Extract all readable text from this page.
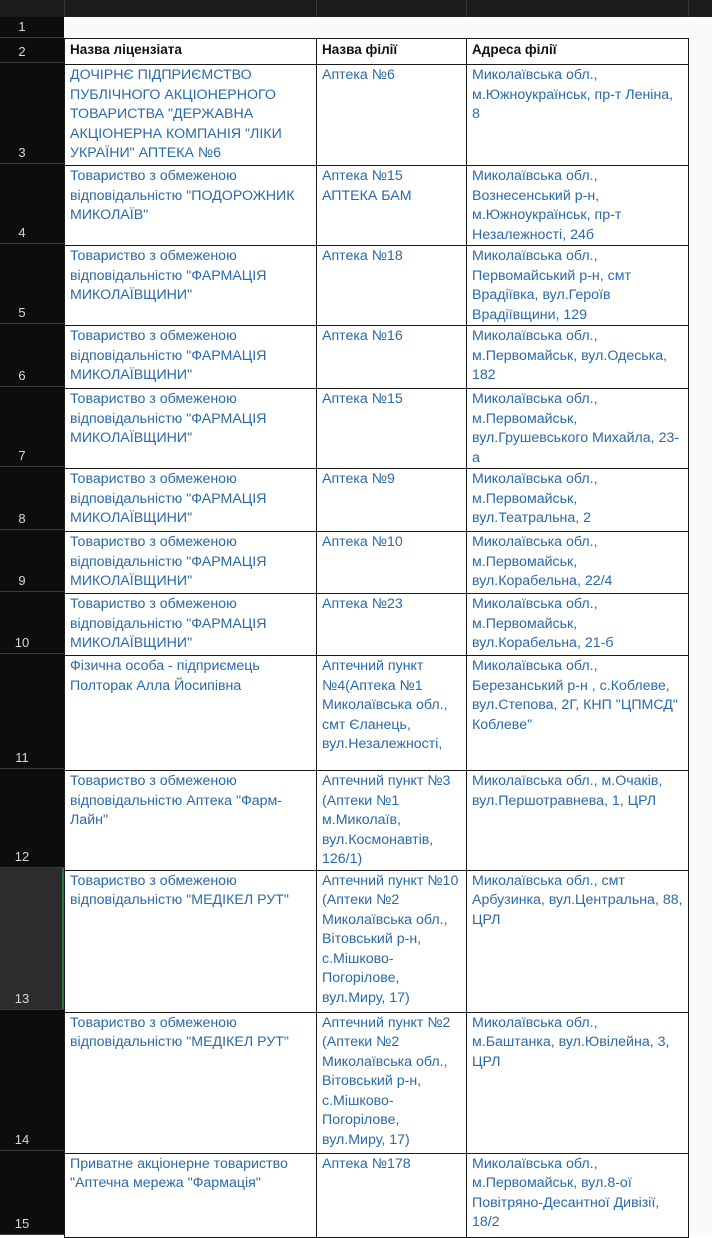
1
2
3
4
5
6
7
8
9
10
11
12
13
14
15
Назва ліцензіата	Назва філії	Адреса філії
ДОЧІРНЄ ПІДПРИЄМСТВО ПУБЛІЧНОГО АКЦІОНЕРНОГО ТОВАРИСТВА "ДЕРЖАВНА АКЦІОНЕРНА КОМПАНІЯ "ЛІКИ УКРАЇНИ" АПТЕКА №6	Аптека №6	Миколаївська обл., м.Южноукраїнськ, пр-т Леніна, 8
Товариство з обмеженою відповідальністю "ПОДОРОЖНИК МИКОЛАЇВ"	Аптека №15 АПТЕКА БАМ	Миколаївська обл., Вознесенський р-н, м.Южноукраїнськ, пр-т Незалежності, 24б
Товариство з обмеженою відповідальністю "ФАРМАЦІЯ МИКОЛАЇВЩИНИ"	Аптека №18	Миколаївська обл., Первомайський р-н, смт Врадіївка, вул.Героїв Врадіївщини, 129
Товариство з обмеженою відповідальністю "ФАРМАЦІЯ МИКОЛАЇВЩИНИ"	Аптека №16	Миколаївська обл., м.Первомайськ, вул.Одеська, 182
Товариство з обмеженою відповідальністю "ФАРМАЦІЯ МИКОЛАЇВЩИНИ"	Аптека №15	Миколаївська обл., м.Первомайськ, вул.Грушевського Михайла, 23-а
Товариство з обмеженою відповідальністю "ФАРМАЦІЯ МИКОЛАЇВЩИНИ"	Аптека №9	Миколаївська обл., м.Первомайськ, вул.Театральна, 2
Товариство з обмеженою відповідальністю "ФАРМАЦІЯ МИКОЛАЇВЩИНИ"	Аптека №10	Миколаївська обл., м.Первомайськ, вул.Корабельна, 22/4
Товариство з обмеженою відповідальністю "ФАРМАЦІЯ МИКОЛАЇВЩИНИ"	Аптека №23	Миколаївська обл., м.Первомайськ, вул.Корабельна, 21-б
Фізична особа - підприємець Полторак Алла Йосипівна	Аптечний пункт №4(Аптека №1 Миколаївська обл., смт Єланець, вул.Незалежності,	Миколаївська обл., Березанський р-н , с.Коблеве, вул.Степова, 2Г, КНП "ЦПМСД" Коблеве"
Товариство з обмеженою відповідальністю Аптека "Фарм-Лайн"	Аптечний пункт №3 (Аптеки №1 м.Миколаїв, вул.Космонавтів, 126/1)	Миколаївська обл., м.Очаків, вул.Першотравнева, 1, ЦРЛ
Товариство з обмеженою відповідальністю "МЕДІКЕЛ РУТ"	Аптечний пункт №10 (Аптеки №2 Миколаївська обл., Вітовський р-н, с.Мішково-Погорілове, вул.Миру, 17)	Миколаївська обл., смт Арбузинка, вул.Центральна, 88, ЦРЛ
Товариство з обмеженою відповідальністю "МЕДІКЕЛ РУТ"	Аптечний пункт №2 (Аптеки №2 Миколаївська обл., Вітовський р-н, с.Мішково-Погорілове, вул.Миру, 17)	Миколаївська обл., м.Баштанка, вул.Ювілейна, 3, ЦРЛ
Приватне акціонерне товариство "Аптечна мережа "Фармація"	Аптека №178	Миколаївська обл., м.Первомайськ, вул.8-ої Повітряно-Десантної Дивізії, 18/2
